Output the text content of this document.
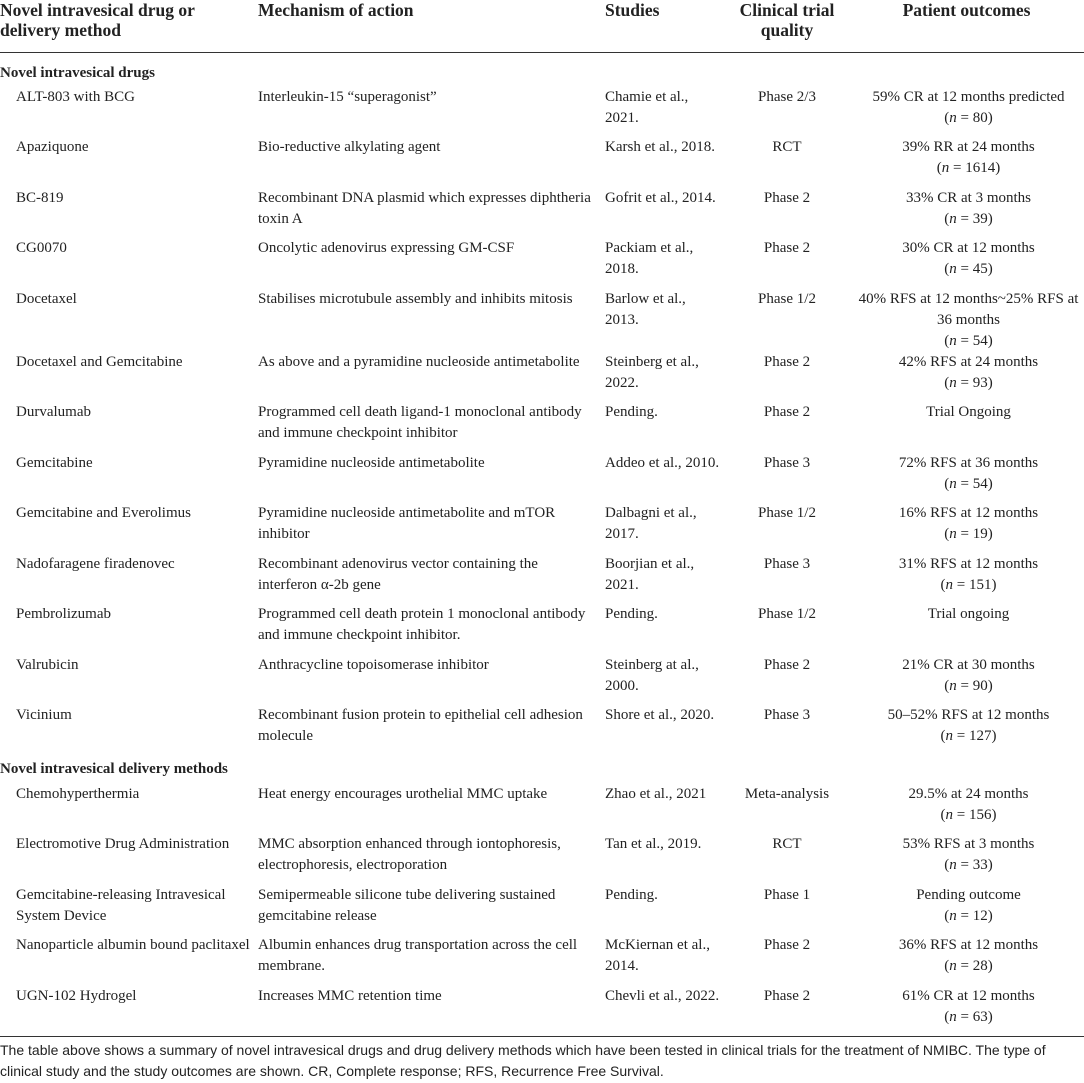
Novel intravesical drug or delivery method	Mechanism of action	Studies	Clinical trial quality	Patient outcomes
Novel intravesical drugs				
ALT-803 with BCG	Interleukin-15 “superagonist”	Chamie et al., 2021.	Phase 2/3	59% CR at 12 months predicted
(n = 80)

Apaziquone	Bio-reductive alkylating agent	Karsh et al., 2018.	RCT	39% RR at 24 months
(n = 1614)

BC-819	Recombinant DNA plasmid which expresses diphtheria toxin A	Gofrit et al., 2014.	Phase 2	33% CR at 3 months
(n = 39)

CG0070	Oncolytic adenovirus expressing GM-CSF	Packiam et al., 2018.	Phase 2	30% CR at 12 months
(n = 45)

Docetaxel	Stabilises microtubule assembly and inhibits mitosis	Barlow et al., 2013.	Phase 1/2	40% RFS at 12 months~25% RFS at 36 months
(n = 54)

Docetaxel and Gemcitabine	As above and a pyramidine nucleoside antimetabolite	Steinberg et al., 2022.	Phase 2	42% RFS at 24 months
(n = 93)

Durvalumab	Programmed cell death ligand-1 monoclonal antibody and immune checkpoint inhibitor	Pending.	Phase 2	Trial Ongoing

Gemcitabine	Pyramidine nucleoside antimetabolite	Addeo et al., 2010.	Phase 3	72% RFS at 36 months
(n = 54)

Gemcitabine and Everolimus	Pyramidine nucleoside antimetabolite and mTOR inhibitor	Dalbagni et al., 2017.	Phase 1/2	16% RFS at 12 months
(n = 19)

Nadofaragene firadenovec	Recombinant adenovirus vector containing the interferon α-2b gene	Boorjian et al., 2021.	Phase 3	31% RFS at 12 months
(n = 151)

Pembrolizumab	Programmed cell death protein 1 monoclonal antibody and immune checkpoint inhibitor.	Pending.	Phase 1/2	Trial ongoing

Valrubicin	Anthracycline topoisomerase inhibitor	Steinberg at al., 2000.	Phase 2	21% CR at 30 months
(n = 90)

Vicinium	Recombinant fusion protein to epithelial cell adhesion molecule	Shore et al., 2020.	Phase 3	50–52% RFS at 12 months
(n = 127)

Novel intravesical delivery methods				
Chemohyperthermia	Heat energy encourages urothelial MMC uptake	Zhao et al., 2021	Meta-analysis	29.5% at 24 months
(n = 156)

Electromotive Drug Administration	MMC absorption enhanced through iontophoresis, electrophoresis, electroporation	Tan et al., 2019.	RCT	53% RFS at 3 months
(n = 33)

Gemcitabine-releasing Intravesical System Device	Semipermeable silicone tube delivering sustained gemcitabine release	Pending.	Phase 1	Pending outcome
(n = 12)

Nanoparticle albumin bound paclitaxel	Albumin enhances drug transportation across the cell membrane.	McKiernan et al., 2014.	Phase 2	36% RFS at 12 months
(n = 28)

UGN-102 Hydrogel	Increases MMC retention time	Chevli et al., 2022.	Phase 2	61% CR at 12 months
(n = 63)
The table above shows a summary of novel intravesical drugs and drug delivery methods which have been tested in clinical trials for the treatment of NMIBC. The type of clinical study and the study outcomes are shown. CR, Complete response; RFS, Recurrence Free Survival.
